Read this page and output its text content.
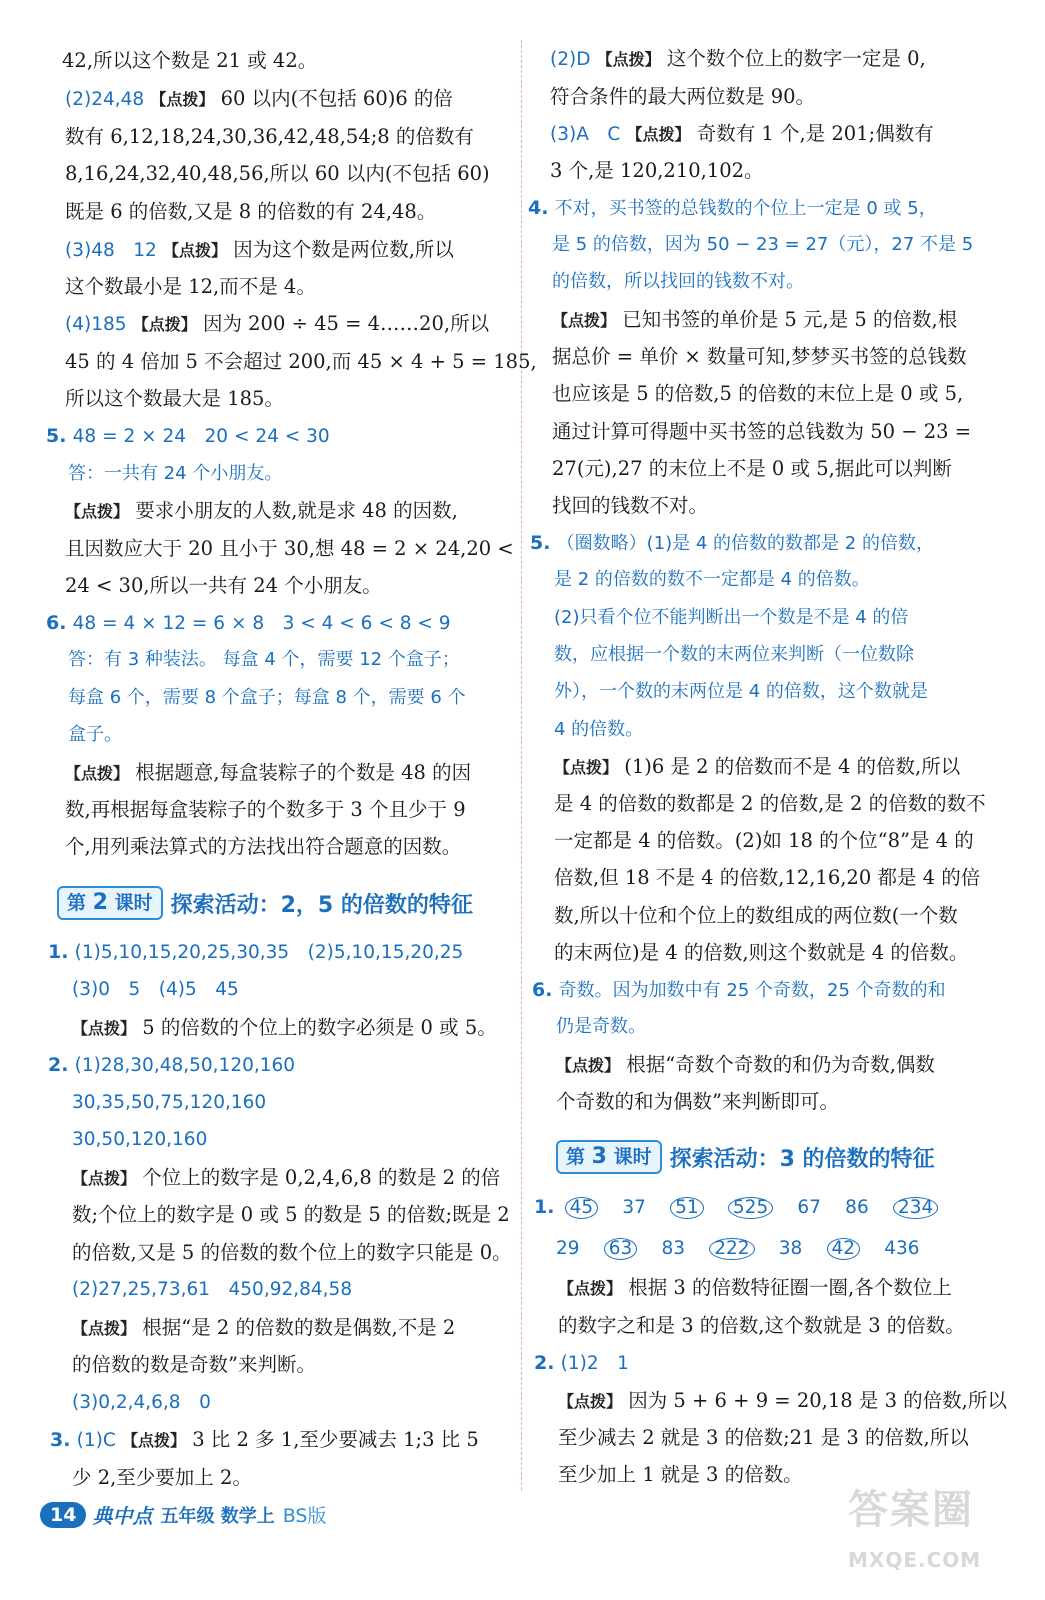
42,所以这个数是 21 或 42。
(2)24,48 【点拨】 60 以内(不包括 60)6 的倍
数有 6,12,18,24,30,36,42,48,54;8 的倍数有
8,16,24,32,40,48,56,所以 60 以内(不包括 60)
既是 6 的倍数,又是 8 的倍数的有 24,48。
(3)48　12 【点拨】 因为这个数是两位数,所以
这个数最小是 12,而不是 4。
(4)185 【点拨】 因为 200 ÷ 45 = 4……20,所以
45 的 4 倍加 5 不会超过 200,而 45 × 4 + 5 = 185,
所以这个数最大是 185。
5. 48 = 2 × 24　20 < 24 < 30
答：一共有 24 个小朋友。
【点拨】 要求小朋友的人数,就是求 48 的因数,
且因数应大于 20 且小于 30,想 48 = 2 × 24,20 <
24 < 30,所以一共有 24 个小朋友。
6. 48 = 4 × 12 = 6 × 8　3 < 4 < 6 < 8 < 9
答：有 3 种装法。 每盒 4 个，需要 12 个盒子；
每盒 6 个，需要 8 个盒子；每盒 8 个，需要 6 个
盒子。
【点拨】 根据题意,每盒装粽子的个数是 48 的因
数,再根据每盒装粽子的个数多于 3 个且少于 9
个,用列乘法算式的方法找出符合题意的因数。
第 2 课时 探索活动：2，5 的倍数的特征
1. (1)5,10,15,20,25,30,35　(2)5,10,15,20,25
(3)0　5　(4)5　45
【点拨】 5 的倍数的个位上的数字必须是 0 或 5。
2. (1)28,30,48,50,120,160
30,35,50,75,120,160
30,50,120,160
【点拨】 个位上的数字是 0,2,4,6,8 的数是 2 的倍
数;个位上的数字是 0 或 5 的数是 5 的倍数;既是 2
的倍数,又是 5 的倍数的数个位上的数字只能是 0。
(2)27,25,73,61　450,92,84,58
【点拨】 根据“是 2 的倍数的数是偶数,不是 2
的倍数的数是奇数”来判断。
(3)0,2,4,6,8　0
3. (1)C 【点拨】 3 比 2 多 1,至少要减去 1;3 比 5
少 2,至少要加上 2。
(2)D 【点拨】 这个数个位上的数字一定是 0,
符合条件的最大两位数是 90。
(3)A　C 【点拨】 奇数有 1 个,是 201;偶数有
3 个,是 120,210,102。
4. 不对，买书签的总钱数的个位上一定是 0 或 5，
是 5 的倍数，因为 50 − 23 = 27（元），27 不是 5
的倍数，所以找回的钱数不对。
【点拨】 已知书签的单价是 5 元,是 5 的倍数,根
据总价 = 单价 × 数量可知,梦梦买书签的总钱数
也应该是 5 的倍数,5 的倍数的末位上是 0 或 5,
通过计算可得题中买书签的总钱数为 50 − 23 =
27(元),27 的末位上不是 0 或 5,据此可以判断
找回的钱数不对。
5. （圈数略）(1)是 4 的倍数的数都是 2 的倍数，
是 2 的倍数的数不一定都是 4 的倍数。
(2)只看个位不能判断出一个数是不是 4 的倍
数，应根据一个数的末两位来判断（一位数除
外），一个数的末两位是 4 的倍数，这个数就是
4 的倍数。
【点拨】 (1)6 是 2 的倍数而不是 4 的倍数,所以
是 4 的倍数的数都是 2 的倍数,是 2 的倍数的数不
一定都是 4 的倍数。(2)如 18 的个位“8”是 4 的
倍数,但 18 不是 4 的倍数,12,16,20 都是 4 的倍
数,所以十位和个位上的数组成的两位数(一个数
的末两位)是 4 的倍数,则这个数就是 4 的倍数。
6. 奇数。因为加数中有 25 个奇数，25 个奇数的和
仍是奇数。
【点拨】 根据“奇数个奇数的和仍为奇数,偶数
个奇数的和为偶数”来判断即可。
第 3 课时 探索活动：3 的倍数的特征
1. 45 37 51 525 67 86 234
29 63 83 222 38 42 436
【点拨】 根据 3 的倍数特征圈一圈,各个数位上
的数字之和是 3 的倍数,这个数就是 3 的倍数。
2. (1)2　1
【点拨】 因为 5 + 6 + 9 = 20,18 是 3 的倍数,所以
至少减去 2 就是 3 的倍数;21 是 3 的倍数,所以
至少加上 1 就是 3 的倍数。
14 典中点 五年级 数学上 BS版	答案圈
MXQE.COM
